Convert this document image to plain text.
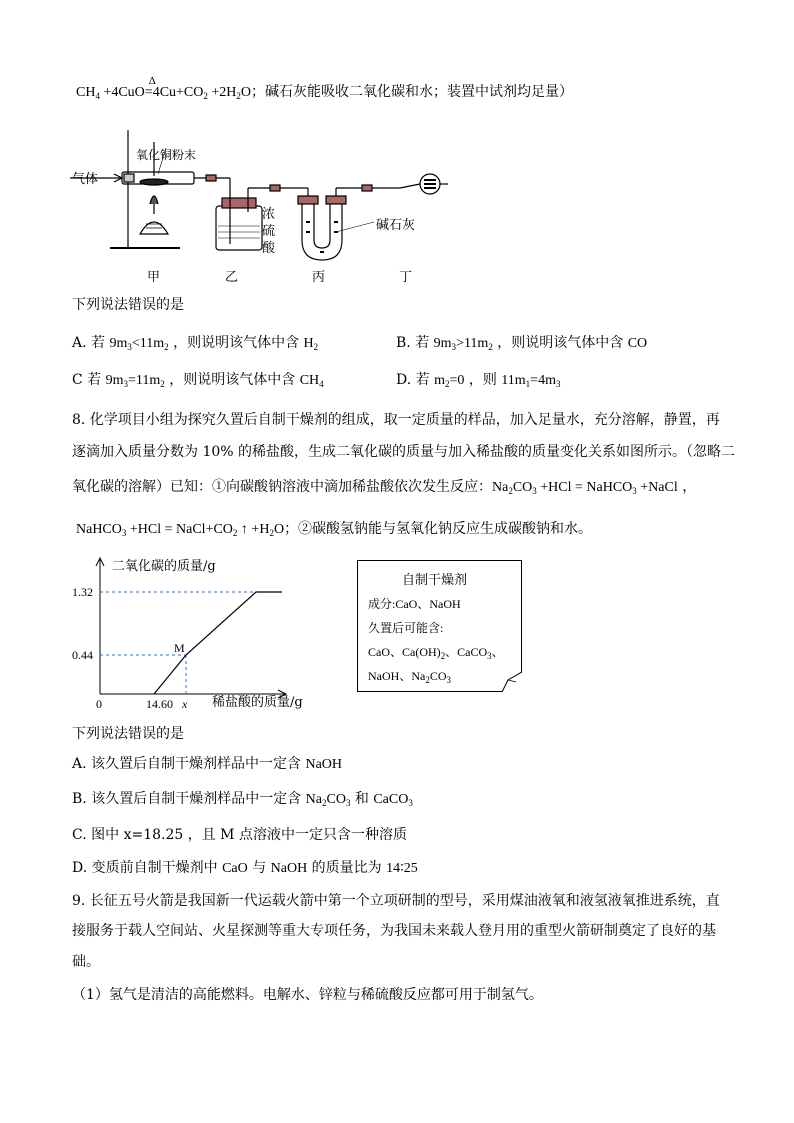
$CH_4 +4CuO$
Δ
$=4Cu+CO_2 +2H_2O$；碱石灰能吸收二氧化碳和水；装置中试剂均足量）
气体
氧化铜粉末
浓
硫
酸
碱石灰
甲	乙	丙	丁
下列说法错误的是
A. 若 $9m_3<11m_2$ ，则说明该气体中含 $H_2$	B. 若 $9m_3>11m_2$ ，则说明该气体中含 CO
C 若 $9m_3=11m_2$ ，则说明该气体中含 $CH_4$	D. 若 $m_2=0$ ，则 $11m_1=4m_3$
8. 化学项目小组为探究久置后自制干燥剂的组成，取一定质量的样品，加入足量水，充分溶解，静置，再
逐滴加入质量分数为 10% 的稀盐酸，生成二氧化碳的质量与加入稀盐酸的质量变化关系如图所示。（忽略二
氧化碳的溶解）已知：①向碳酸钠溶液中滴加稀盐酸依次发生反应：$Na_2CO_3 +HCl$ = NaHCO$_3$ +NaCl ，
NaHCO$_3$ $+HCl = NaCl+CO_2$ ↑ $+H_2O$；②碳酸氢钠能与氢氧化钠反应生成碳酸钠和水。
1.32
0.44
0	14.60 x
M
二氧化碳的质量/g
稀盐酸的质量/g
自制干燥剂
成分:CaO、NaOH
久置后可能含:
CaO、$Ca(OH)_2$、CaCO$_3$、
NaOH、$Na_2CO_3$
下列说法错误的是
A. 该久置后自制干燥剂样品中一定含 NaOH
B. 该久置后自制干燥剂样品中一定含 $Na_2CO_3$ 和 CaCO$_3$
C. 图中 x=18.25 ，且 M 点溶液中一定只含一种溶质
D. 变质前自制干燥剂中 CaO 与 NaOH 的质量比为 14∶25
9. 长征五号火箭是我国新一代运载火箭中第一个立项研制的型号，采用煤油液氧和液氢液氧推进系统，直
接服务于载人空间站、火星探测等重大专项任务，为我国未来载人登月用的重型火箭研制奠定了良好的基
础。
（1）氢气是清洁的高能燃料。电解水、锌粒与稀硫酸反应都可用于制氢气。
